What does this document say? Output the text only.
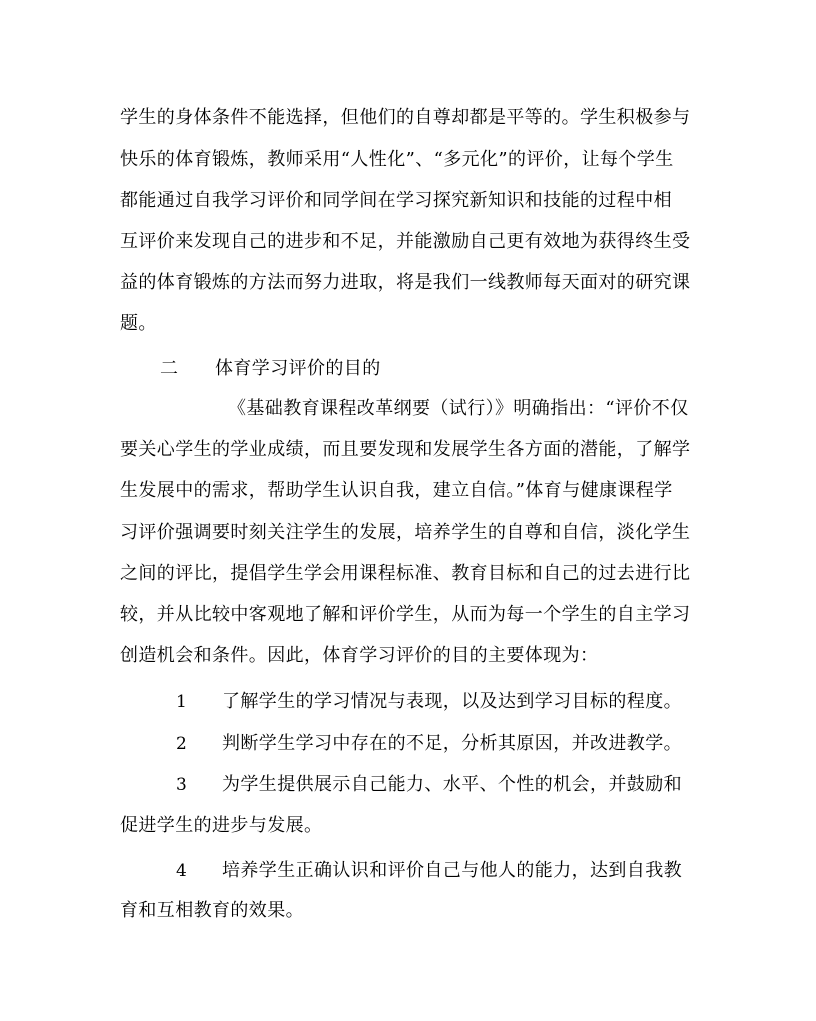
学生的身体条件不能选择，但他们的自尊却都是平等的。学生积极参与
快乐的体育锻炼，教师采用“人性化”、“多元化”的评价，让每个学生
都能通过自我学习评价和同学间在学习探究新知识和技能的过程中相
互评价来发现自己的进步和不足，并能激励自己更有效地为获得终生受
益的体育锻炼的方法而努力进取，将是我们一线教师每天面对的研究课
题。
二 体育学习评价的目的
《基础教育课程改革纲要（试行）》明确指出：“评价不仅
要关心学生的学业成绩，而且要发现和发展学生各方面的潜能，了解学
生发展中的需求，帮助学生认识自我，建立自信。”体育与健康课程学
习评价强调要时刻关注学生的发展，培养学生的自尊和自信，淡化学生
之间的评比，提倡学生学会用课程标准、教育目标和自己的过去进行比
较，并从比较中客观地了解和评价学生，从而为每一个学生的自主学习
创造机会和条件。因此，体育学习评价的目的主要体现为：
1 了解学生的学习情况与表现，以及达到学习目标的程度。
2 判断学生学习中存在的不足，分析其原因，并改进教学。
3 为学生提供展示自己能力、水平、个性的机会，并鼓励和
促进学生的进步与发展。
4 培养学生正确认识和评价自己与他人的能力，达到自我教
育和互相教育的效果。
